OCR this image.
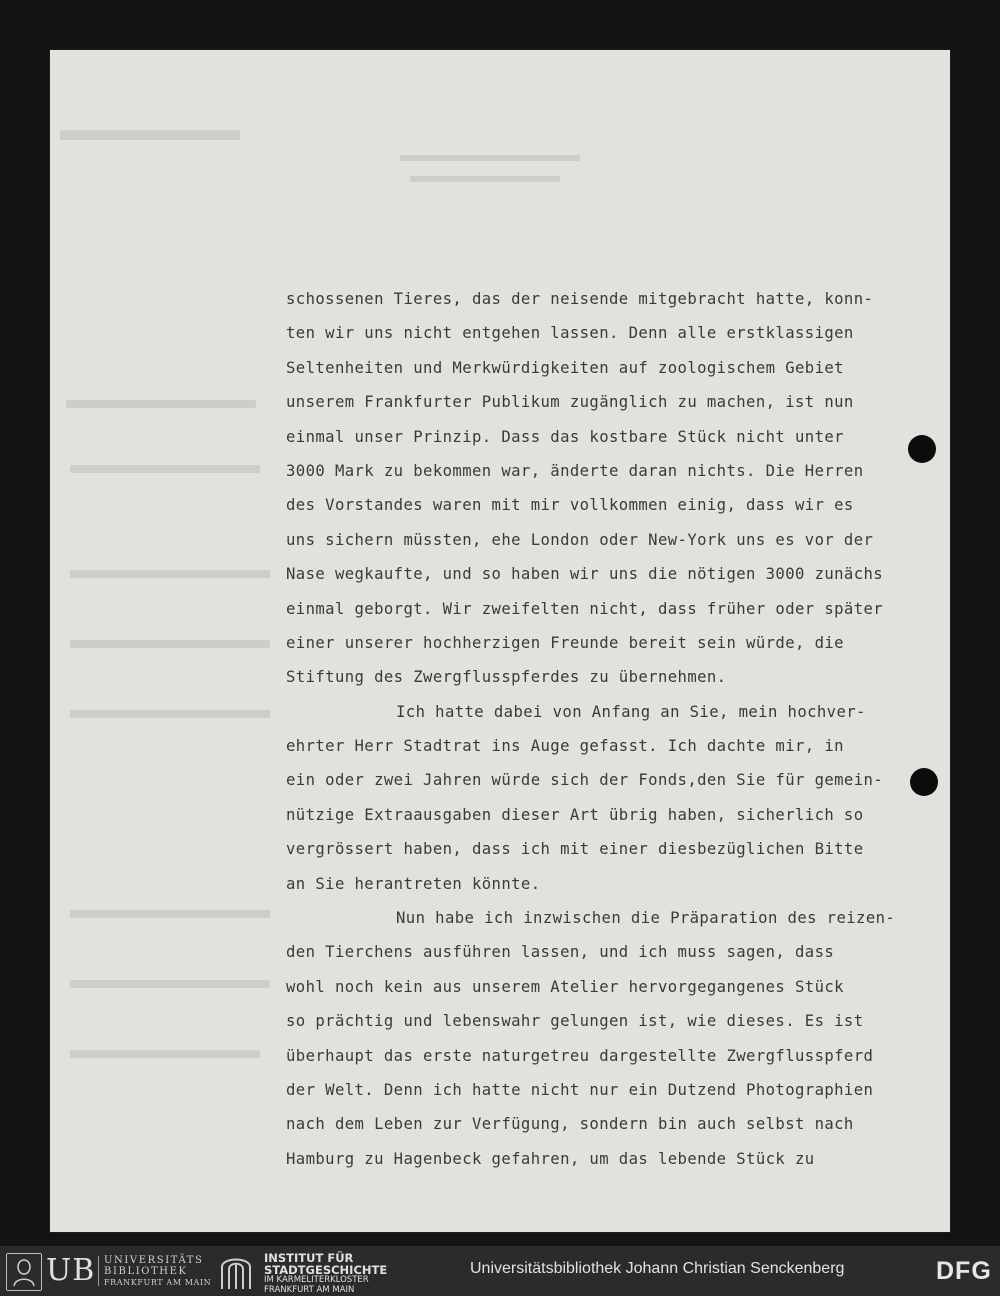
schossenen Tieres, das der neisende mitgebracht hatte, konn-
ten wir uns nicht entgehen lassen. Denn alle erstklassigen
Seltenheiten und Merkwürdigkeiten auf zoologischem Gebiet
unserem Frankfurter Publikum zugänglich zu machen, ist nun
einmal unser Prinzip. Dass das kostbare Stück nicht unter
3000 Mark zu bekommen war, änderte daran nichts. Die Herren
des Vorstandes waren mit mir vollkommen einig, dass wir es
uns sichern müssten, ehe London oder New-York uns es vor der
Nase wegkaufte, und so haben wir uns die nötigen 3000 zunächs
einmal geborgt. Wir zweifelten nicht, dass früher oder später
einer unserer hochherzigen Freunde bereit sein würde, die
Stiftung des Zwergflusspferdes zu übernehmen.
Ich hatte dabei von Anfang an Sie, mein hochver-
ehrter Herr Stadtrat ins Auge gefasst. Ich dachte mir, in
ein oder zwei Jahren würde sich der Fonds,den Sie für gemein-
nützige Extraausgaben dieser Art übrig haben, sicherlich so
vergrössert haben, dass ich mit einer diesbezüglichen Bitte
an Sie herantreten könnte.
Nun habe ich inzwischen die Präparation des reizen-
den Tierchens ausführen lassen, und ich muss sagen, dass
wohl noch kein aus unserem Atelier hervorgegangenes Stück
so prächtig und lebenswahr gelungen ist, wie dieses. Es ist
überhaupt das erste naturgetreu dargestellte Zwergflusspferd
der Welt. Denn ich hatte nicht nur ein Dutzend Photographien
nach dem Leben zur Verfügung, sondern bin auch selbst nach
Hamburg zu Hagenbeck gefahren, um das lebende Stück zu
UB UNIVERSITÄTS
BIBLIOTHEK
FRANKFURT AM MAIN
INSTITUT FÜR
STADTGESCHICHTE
IM KARMELITERKLOSTER
FRANKFURT AM MAIN
Universitätsbibliothek Johann Christian Senckenberg	DFG
